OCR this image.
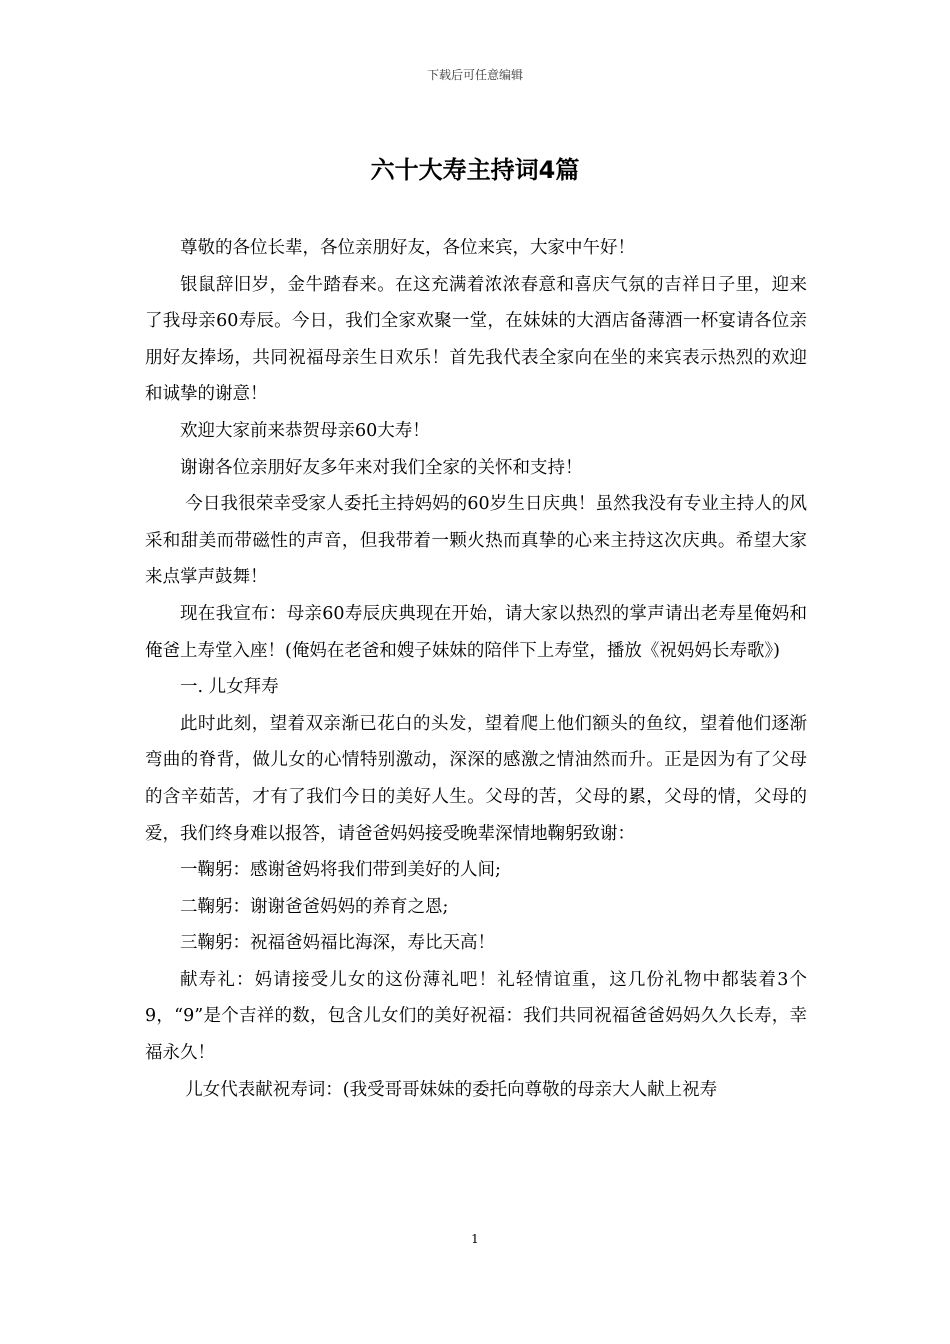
下载后可任意编辑
六十大寿主持词4篇

尊敬的各位长辈，各位亲朋好友，各位来宾，大家中午好！

银鼠辞旧岁，金牛踏春来。在这充满着浓浓春意和喜庆气氛的吉祥日子里，迎来了我母亲60寿辰。今日，我们全家欢聚一堂，在妹妹的大酒店备薄酒一杯宴请各位亲朋好友捧场，共同祝福母亲生日欢乐！首先我代表全家向在坐的来宾表示热烈的欢迎和诚挚的谢意！

欢迎大家前来恭贺母亲60大寿！

谢谢各位亲朋好友多年来对我们全家的关怀和支持！

今日我很荣幸受家人委托主持妈妈的60岁生日庆典！虽然我没有专业主持人的风采和甜美而带磁性的声音，但我带着一颗火热而真挚的心来主持这次庆典。希望大家来点掌声鼓舞！

现在我宣布：母亲60寿辰庆典现在开始，请大家以热烈的掌声请出老寿星俺妈和俺爸上寿堂入座！(俺妈在老爸和嫂子妹妹的陪伴下上寿堂，播放《祝妈妈长寿歌》)

一. 儿女拜寿

此时此刻，望着双亲渐已花白的头发，望着爬上他们额头的鱼纹，望着他们逐渐弯曲的脊背，做儿女的心情特别激动，深深的感激之情油然而升。正是因为有了父母的含辛茹苦，才有了我们今日的美好人生。父母的苦，父母的累，父母的情，父母的爱，我们终身难以报答，请爸爸妈妈接受晚辈深情地鞠躬致谢：

一鞠躬：感谢爸妈将我们带到美好的人间;

二鞠躬：谢谢爸爸妈妈的养育之恩;

三鞠躬：祝福爸妈福比海深，寿比天高！

献寿礼：妈请接受儿女的这份薄礼吧！礼轻情谊重，这几份礼物中都装着3个9，“9”是个吉祥的数，包含儿女们的美好祝福：我们共同祝福爸爸妈妈久久长寿，幸福永久！

儿女代表献祝寿词：(我受哥哥妹妹的委托向尊敬的母亲大人献上祝寿

1
